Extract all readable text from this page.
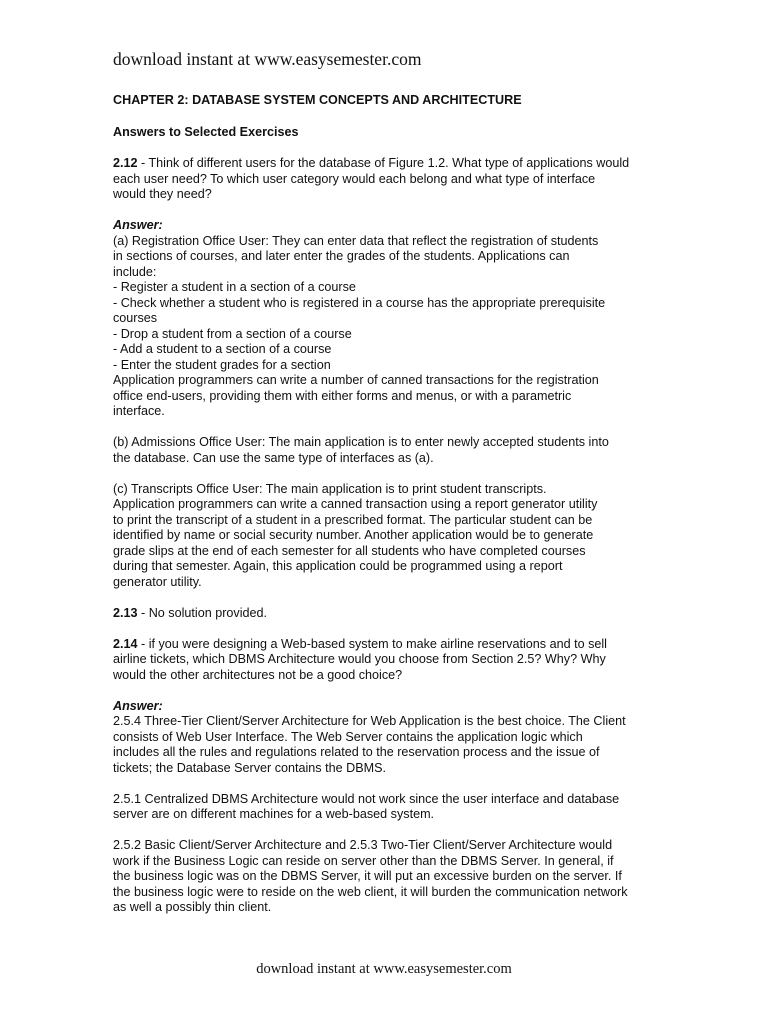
download instant at www.easysemester.com
CHAPTER 2: DATABASE SYSTEM CONCEPTS AND ARCHITECTURE
Answers to Selected Exercises
2.12 - Think of different users for the database of Figure 1.2. What type of applications would
each user need? To which user category would each belong and what type of interface
would they need?
Answer:
(a) Registration Office User: They can enter data that reflect the registration of students
in sections of courses, and later enter the grades of the students. Applications can
include:
- Register a student in a section of a course
- Check whether a student who is registered in a course has the appropriate prerequisite
courses
- Drop a student from a section of a course
- Add a student to a section of a course
- Enter the student grades for a section
Application programmers can write a number of canned transactions for the registration
office end-users, providing them with either forms and menus, or with a parametric
interface.
(b) Admissions Office User: The main application is to enter newly accepted students into
the database. Can use the same type of interfaces as (a).
(c) Transcripts Office User: The main application is to print student transcripts.
Application programmers can write a canned transaction using a report generator utility
to print the transcript of a student in a prescribed format. The particular student can be
identified by name or social security number. Another application would be to generate
grade slips at the end of each semester for all students who have completed courses
during that semester. Again, this application could be programmed using a report
generator utility.
2.13 - No solution provided.
2.14 - if you were designing a Web-based system to make airline reservations and to sell
airline tickets, which DBMS Architecture would you choose from Section 2.5? Why? Why
would the other architectures not be a good choice?
Answer:
2.5.4 Three-Tier Client/Server Architecture for Web Application is the best choice. The Client
consists of Web User Interface. The Web Server contains the application logic which
includes all the rules and regulations related to the reservation process and the issue of
tickets; the Database Server contains the DBMS.
2.5.1 Centralized DBMS Architecture would not work since the user interface and database
server are on different machines for a web-based system.
2.5.2 Basic Client/Server Architecture and 2.5.3 Two-Tier Client/Server Architecture would
work if the Business Logic can reside on server other than the DBMS Server. In general, if
the business logic was on the DBMS Server, it will put an excessive burden on the server. If
the business logic were to reside on the web client, it will burden the communication network
as well a possibly thin client.
download instant at www.easysemester.com
